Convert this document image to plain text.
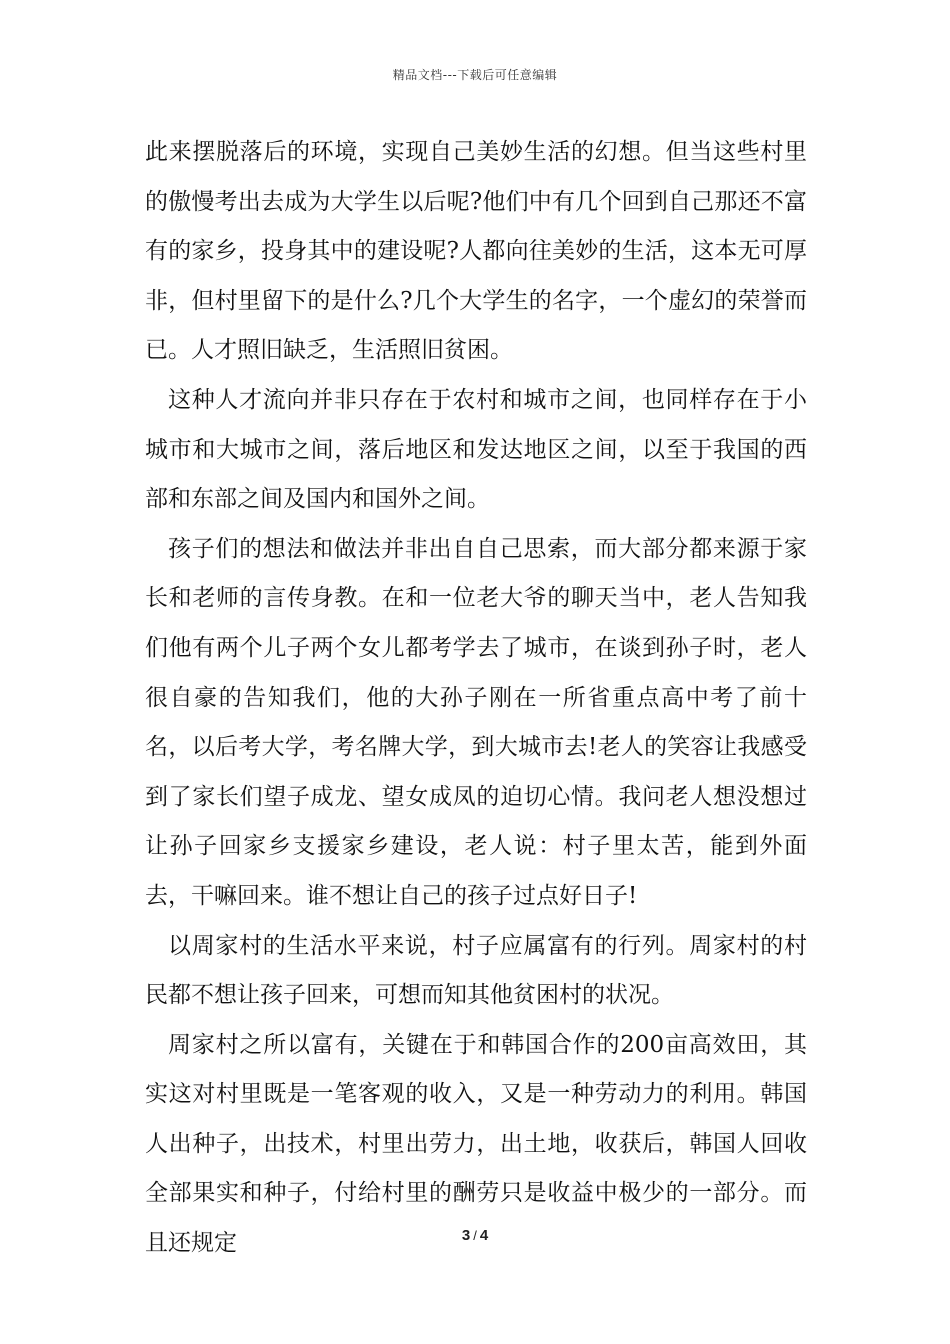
精品文档---下载后可任意编辑

此来摆脱落后的环境，实现自己美妙生活的幻想。但当这些村里的傲慢考出去成为大学生以后呢?他们中有几个回到自己那还不富有的家乡，投身其中的建设呢?人都向往美妙的生活，这本无可厚非，但村里留下的是什么?几个大学生的名字，一个虚幻的荣誉而已。人才照旧缺乏，生活照旧贫困。

这种人才流向并非只存在于农村和城市之间，也同样存在于小城市和大城市之间，落后地区和发达地区之间，以至于我国的西部和东部之间及国内和国外之间。

孩子们的想法和做法并非出自自己思索，而大部分都来源于家长和老师的言传身教。在和一位老大爷的聊天当中，老人告知我们他有两个儿子两个女儿都考学去了城市，在谈到孙子时，老人很自豪的告知我们，他的大孙子刚在一所省重点高中考了前十名，以后考大学，考名牌大学，到大城市去!老人的笑容让我感受到了家长们望子成龙、望女成凤的迫切心情。我问老人想没想过让孙子回家乡支援家乡建设，老人说：村子里太苦，能到外面去，干嘛回来。谁不想让自己的孩子过点好日子!

以周家村的生活水平来说，村子应属富有的行列。周家村的村民都不想让孩子回来，可想而知其他贫困村的状况。

周家村之所以富有，关键在于和韩国合作的200亩高效田，其实这对村里既是一笔客观的收入，又是一种劳动力的利用。韩国人出种子，出技术，村里出劳力，出土地，收获后，韩国人回收全部果实和种子，付给村里的酬劳只是收益中极少的一部分。而且还规定	3 / 4
